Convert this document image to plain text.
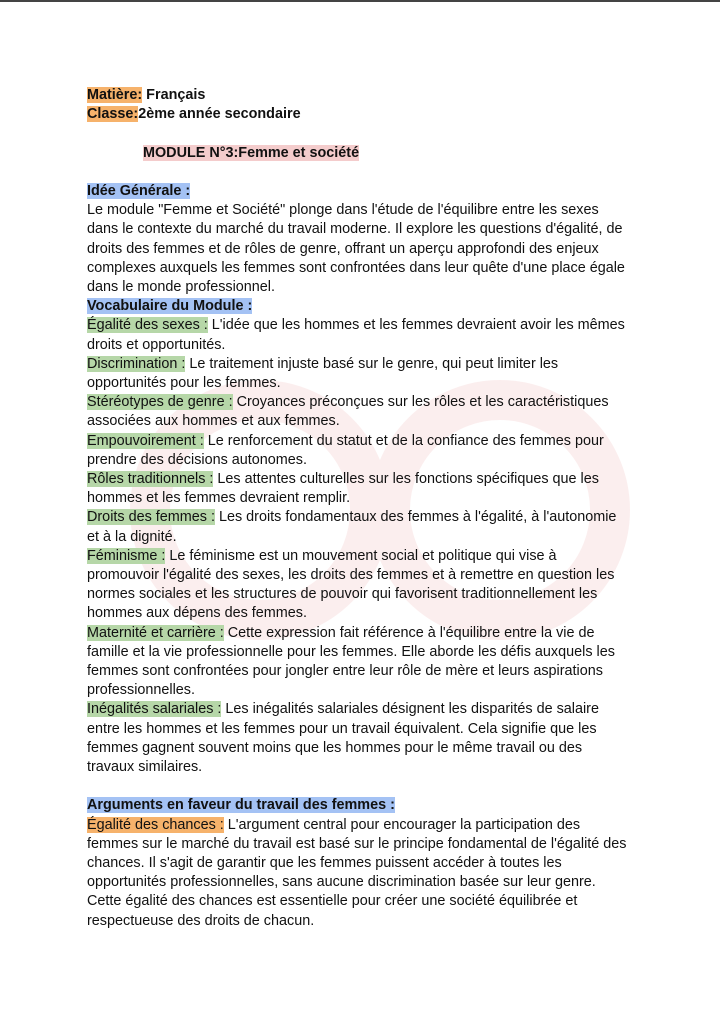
Matière: Français
Classe:2ème année secondaire
MODULE N°3:Femme et société
Idée Générale :
Le module "Femme et Société" plonge dans l'étude de l'équilibre entre les sexes
dans le contexte du marché du travail moderne. Il explore les questions d'égalité, de
droits des femmes et de rôles de genre, offrant un aperçu approfondi des enjeux
complexes auxquels les femmes sont confrontées dans leur quête d'une place égale
dans le monde professionnel.
Vocabulaire du Module :
Égalité des sexes : L'idée que les hommes et les femmes devraient avoir les mêmes
droits et opportunités.
Discrimination : Le traitement injuste basé sur le genre, qui peut limiter les
opportunités pour les femmes.
Stéréotypes de genre : Croyances préconçues sur les rôles et les caractéristiques
associées aux hommes et aux femmes.
Empouvoirement : Le renforcement du statut et de la confiance des femmes pour
prendre des décisions autonomes.
Rôles traditionnels : Les attentes culturelles sur les fonctions spécifiques que les
hommes et les femmes devraient remplir.
Droits des femmes : Les droits fondamentaux des femmes à l'égalité, à l'autonomie
et à la dignité.
Féminisme : Le féminisme est un mouvement social et politique qui vise à
promouvoir l'égalité des sexes, les droits des femmes et à remettre en question les
normes sociales et les structures de pouvoir qui favorisent traditionnellement les
hommes aux dépens des femmes.
Maternité et carrière : Cette expression fait référence à l'équilibre entre la vie de
famille et la vie professionnelle pour les femmes. Elle aborde les défis auxquels les
femmes sont confrontées pour jongler entre leur rôle de mère et leurs aspirations
professionnelles.
Inégalités salariales : Les inégalités salariales désignent les disparités de salaire
entre les hommes et les femmes pour un travail équivalent. Cela signifie que les
femmes gagnent souvent moins que les hommes pour le même travail ou des
travaux similaires.
Arguments en faveur du travail des femmes :
Égalité des chances : L'argument central pour encourager la participation des
femmes sur le marché du travail est basé sur le principe fondamental de l'égalité des
chances. Il s'agit de garantir que les femmes puissent accéder à toutes les
opportunités professionnelles, sans aucune discrimination basée sur leur genre.
Cette égalité des chances est essentielle pour créer une société équilibrée et
respectueuse des droits de chacun.
